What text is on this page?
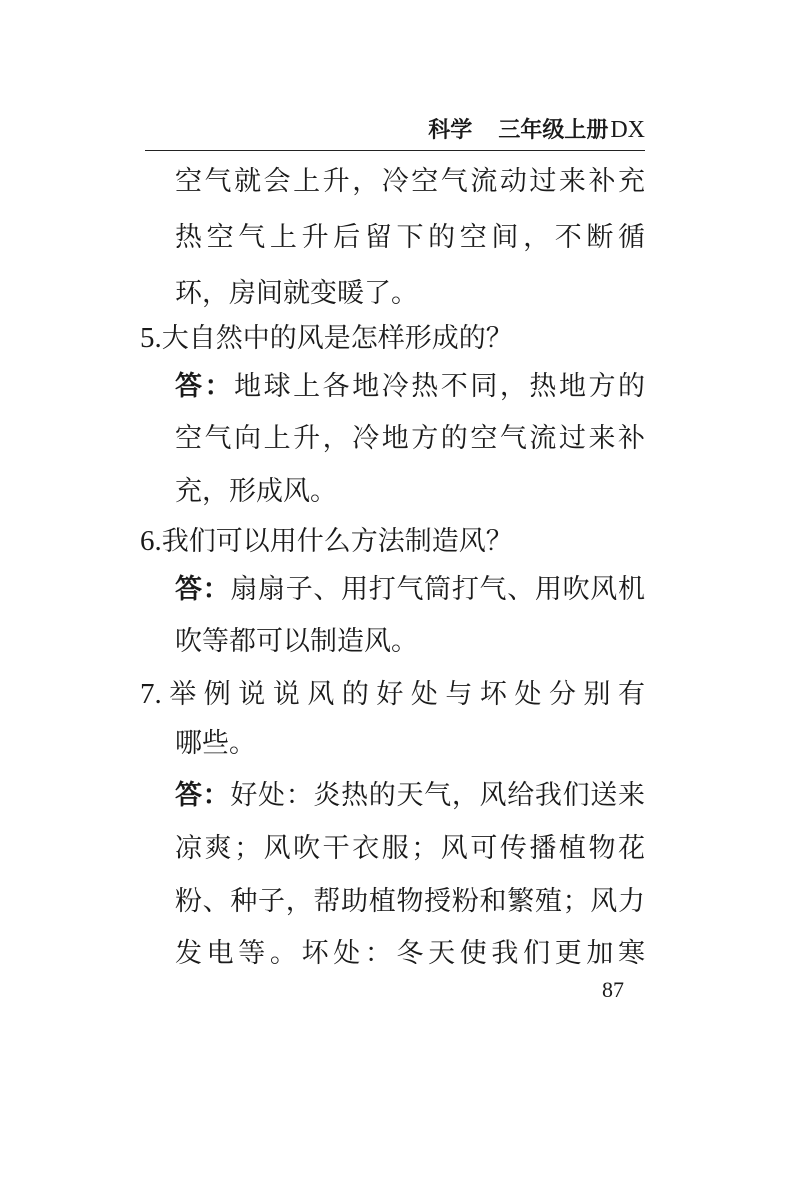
科学 三年级上册DX
空气就会上升，冷空气流动过来补充
热空气上升后留下的空间，不断循
环，房间就变暖了。
5.大自然中的风是怎样形成的？
答：地球上各地冷热不同，热地方的
空气向上升，冷地方的空气流过来补
充，形成风。
6.我们可以用什么方法制造风？
答：扇扇子、用打气筒打气、用吹风机
吹等都可以制造风。
7.举例说说风的好处与坏处分别有
哪些。
答：好处：炎热的天气，风给我们送来
凉爽；风吹干衣服；风可传播植物花
粉、种子，帮助植物授粉和繁殖；风力
发电等。坏处：冬天使我们更加寒
87
